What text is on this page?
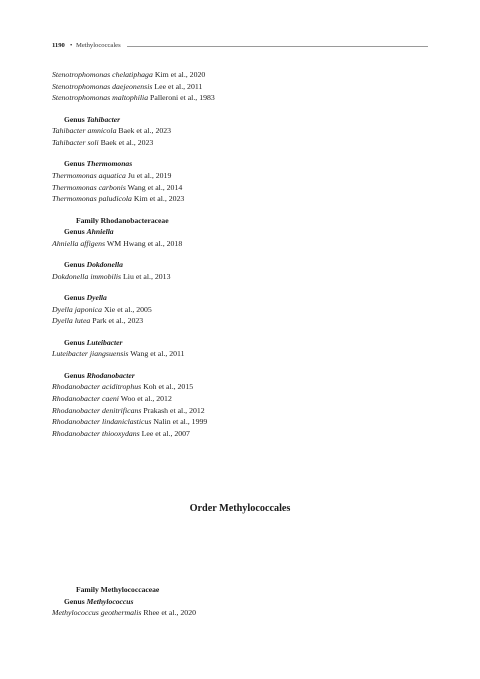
1190 • Methylococcales
Stenotrophomonas chelatiphaga Kim et al., 2020
Stenotrophomonas daejeonensis Lee et al., 2011
Stenotrophomonas maltophilia Palleroni et al., 1983
Genus Tahibacter
Tahibacter amnicola Baek et al., 2023
Tahibacter soli Baek et al., 2023
Genus Thermomonas
Thermomonas aquatica Ju et al., 2019
Thermomonas carbonis Wang et al., 2014
Thermomonas paludicola Kim et al., 2023
Family Rhodanobacteraceae
Genus Ahniella
Ahniella affigens WM Hwang et al., 2018
Genus Dokdonella
Dokdonella immobilis Liu et al., 2013
Genus Dyella
Dyella japonica Xie et al., 2005
Dyella lutea Park et al., 2023
Genus Luteibacter
Luteibacter jiangsuensis Wang et al., 2011
Genus Rhodanobacter
Rhodanobacter aciditrophus Koh et al., 2015
Rhodanobacter caeni Woo et al., 2012
Rhodanobacter denitrificans Prakash et al., 2012
Rhodanobacter lindaniclasticus Nalin et al., 1999
Rhodanobacter thiooxydans Lee et al., 2007
Order Methylococcales
Family Methylococcaceae
Genus Methylococcus
Methylococcus geothermalis Rhee et al., 2020
